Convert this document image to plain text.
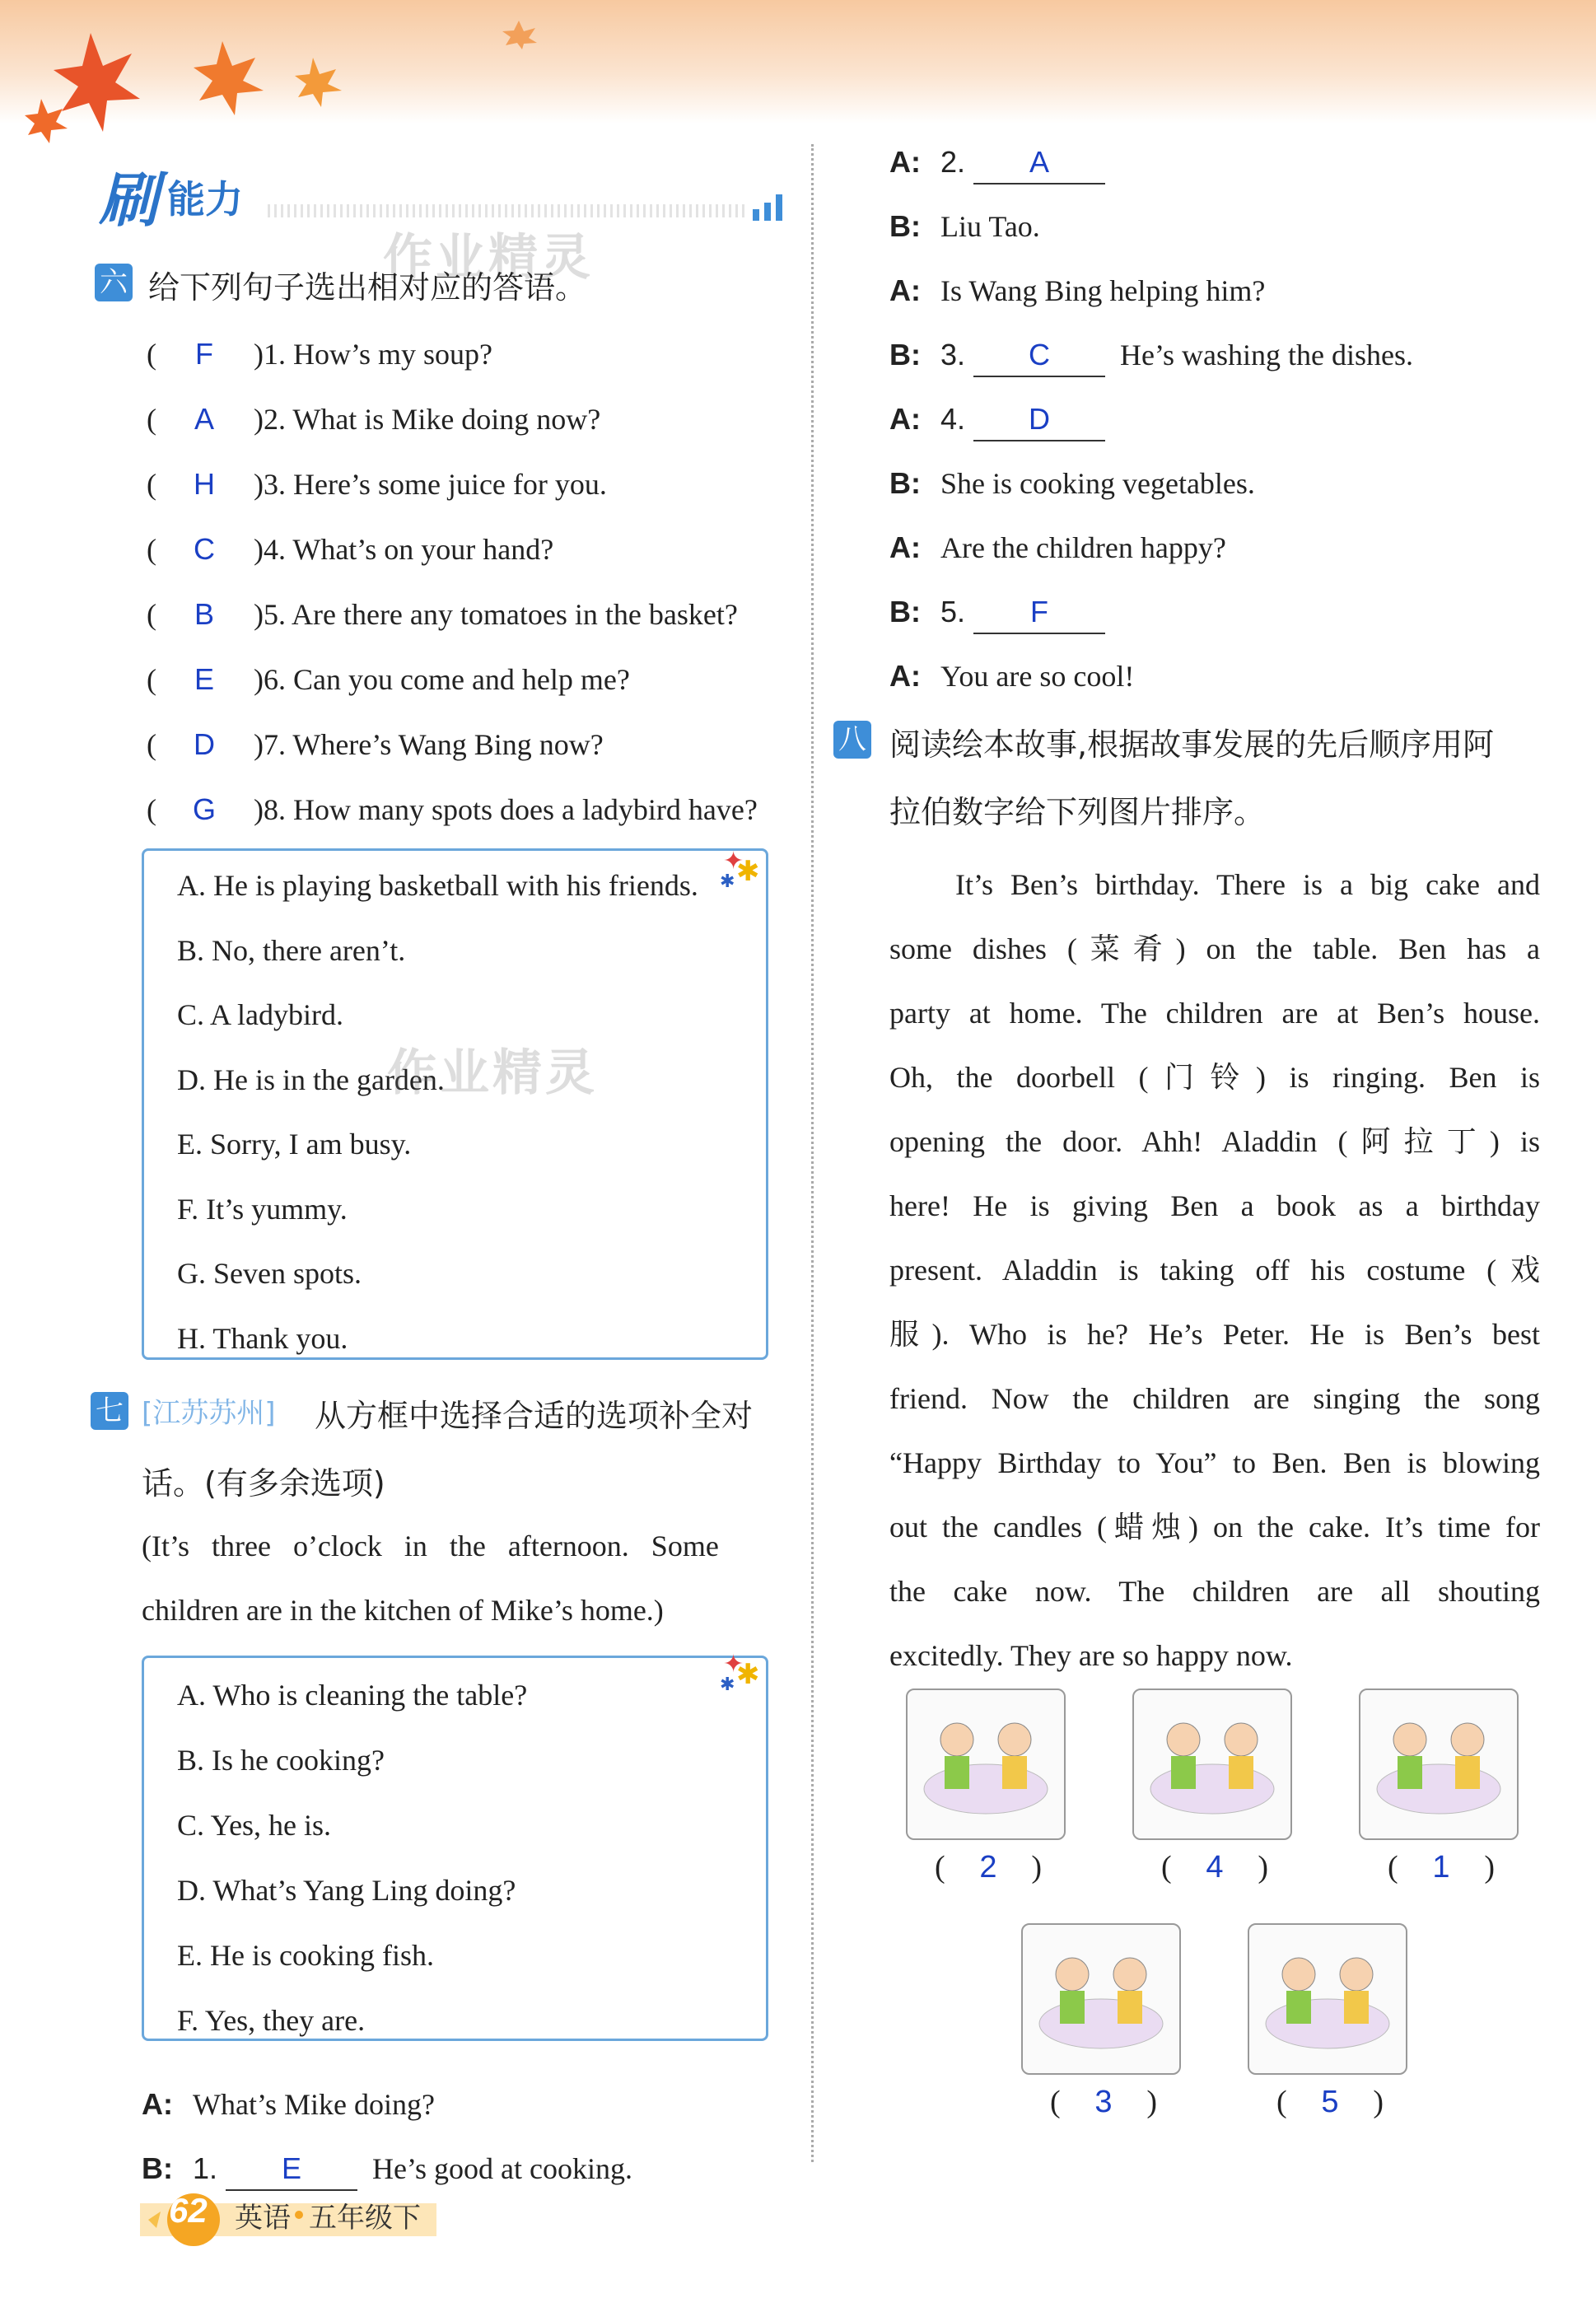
刷 能力
作业精灵
六 给下列句子选出相对应的答语。
( F )1. How’s my soup?
( A )2. What is Mike doing now?
( H )3. Here’s some juice for you.
( C )4. What’s on your hand?
( B )5. Are there any tomatoes in the basket?
( E )6. Can you come and help me?
( D )7. Where’s Wang Bing now?
( G )8. How many spots does a ladybird have?
✦
✱
✱
A. He is playing basketball with his friends.
B. No, there aren’t.
C. A ladybird.
D. He is in the garden.
E. Sorry, I am busy.
F. It’s yummy.
G. Seven spots.
H. Thank you.
作业精灵
七 [江苏苏州] 从方框中选择合适的选项补全对
话。(有多余选项)
(It’s three o’clock in the afternoon. Some
children are in the kitchen of Mike’s home.)
✦
✱
✱
A. Who is cleaning the table?
B. Is he cooking?
C. Yes, he is.
D. What’s Yang Ling doing?
E. He is cooking fish.
F. Yes, they are.
A: What’s Mike doing?
B: 1. E He’s good at cooking.
A: 2. A
B: Liu Tao.
A: Is Wang Bing helping him?
B: 3. C He’s washing the dishes.
A: 4. D
B: She is cooking vegetables.
A: Are the children happy?
B: 5. F
A: You are so cool!
八 阅读绘本故事,根据故事发展的先后顺序用阿
拉伯数字给下列图片排序。
It’s Ben’s birthday. There is a big cake and
some dishes (菜肴) on the table. Ben has a
party at home. The children are at Ben’s house.
Oh, the doorbell (门铃) is ringing. Ben is
opening the door. Ahh! Aladdin (阿拉丁) is
here! He is giving Ben a book as a birthday
present. Aladdin is taking off his costume (戏
服). Who is he? He’s Peter. He is Ben’s best
friend. Now the children are singing the song
“Happy Birthday to You” to Ben. Ben is blowing
out the candles (蜡烛) on the cake. It’s time for
the cake now. The children are all shouting
excitedly. They are so happy now.
( 2 )	( 4 )	( 1 )
( 3 )	( 5 )
62 英语 五年级下
